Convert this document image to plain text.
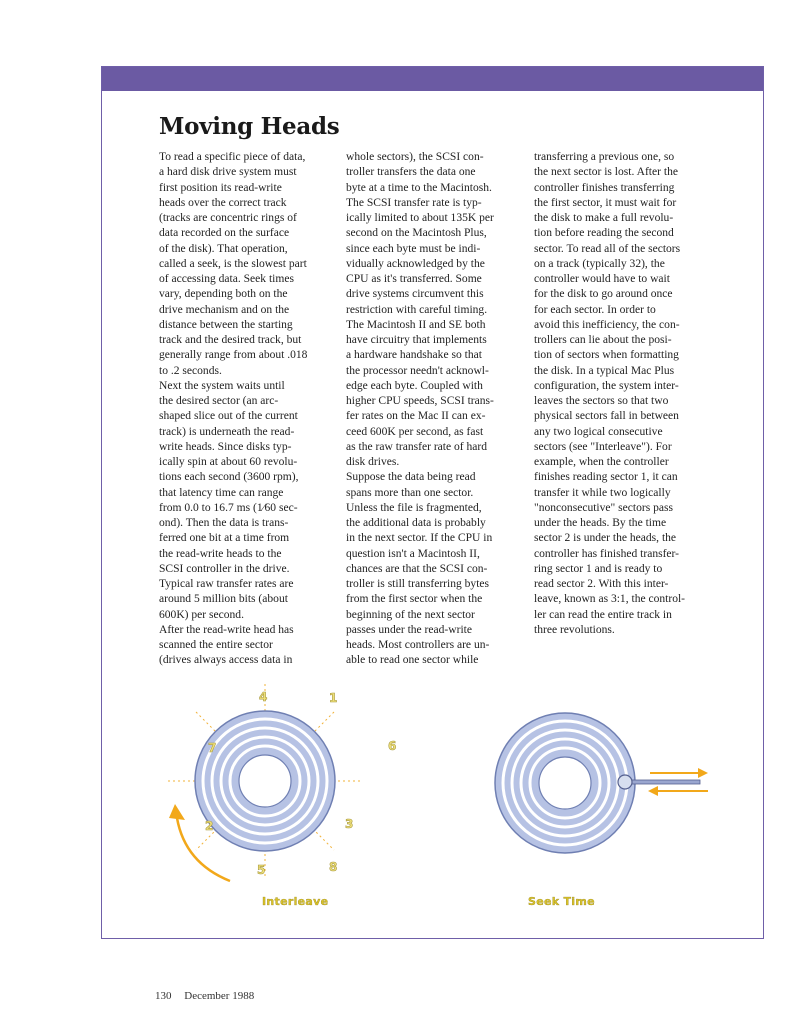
Moving Heads
To read a specific piece of data,
a hard disk drive system must
first position its read-write
heads over the correct track
(tracks are concentric rings of
data recorded on the surface
of the disk). That operation,
called a seek, is the slowest part
of accessing data. Seek times
vary, depending both on the
drive mechanism and on the
distance between the starting
track and the desired track, but
generally range from about .018
to .2 seconds.
Next the system waits until
the desired sector (an arc-
shaped slice out of the current
track) is underneath the read-
write heads. Since disks typ-
ically spin at about 60 revolu-
tions each second (3600 rpm),
that latency time can range
from 0.0 to 16.7 ms (1⁄60 sec-
ond). Then the data is trans-
ferred one bit at a time from
the read-write heads to the
SCSI controller in the drive.
Typical raw transfer rates are
around 5 million bits (about
600K) per second.
After the read-write head has
scanned the entire sector
(drives always access data in
whole sectors), the SCSI con-
troller transfers the data one
byte at a time to the Macintosh.
The SCSI transfer rate is typ-
ically limited to about 135K per
second on the Macintosh Plus,
since each byte must be indi-
vidually acknowledged by the
CPU as it's transferred. Some
drive systems circumvent this
restriction with careful timing.
The Macintosh II and SE both
have circuitry that implements
a hardware handshake so that
the processor needn't acknowl-
edge each byte. Coupled with
higher CPU speeds, SCSI trans-
fer rates on the Mac II can ex-
ceed 600K per second, as fast
as the raw transfer rate of hard
disk drives.
Suppose the data being read
spans more than one sector.
Unless the file is fragmented,
the additional data is probably
in the next sector. If the CPU in
question isn't a Macintosh II,
chances are that the SCSI con-
troller is still transferring bytes
from the first sector when the
beginning of the next sector
passes under the read-write
heads. Most controllers are un-
able to read one sector while
transferring a previous one, so
the next sector is lost. After the
controller finishes transferring
the first sector, it must wait for
the disk to make a full revolu-
tion before reading the second
sector. To read all of the sectors
on a track (typically 32), the
controller would have to wait
for the disk to go around once
for each sector. In order to
avoid this inefficiency, the con-
trollers can lie about the posi-
tion of sectors when formatting
the disk. In a typical Mac Plus
configuration, the system inter-
leaves the sectors so that two
physical sectors fall in between
any two logical consecutive
sectors (see "Interleave"). For
example, when the controller
finishes reading sector 1, it can
transfer it while two logically
"nonconsecutive" sectors pass
under the heads. By the time
sector 2 is under the heads, the
controller has finished transfer-
ring sector 1 and is ready to
read sector 2. With this inter-
leave, known as 3:1, the control-
ler can read the entire track in
three revolutions.
1
2	3
4
5
6
7
8
Interleave	Seek Time
130 December 1988
